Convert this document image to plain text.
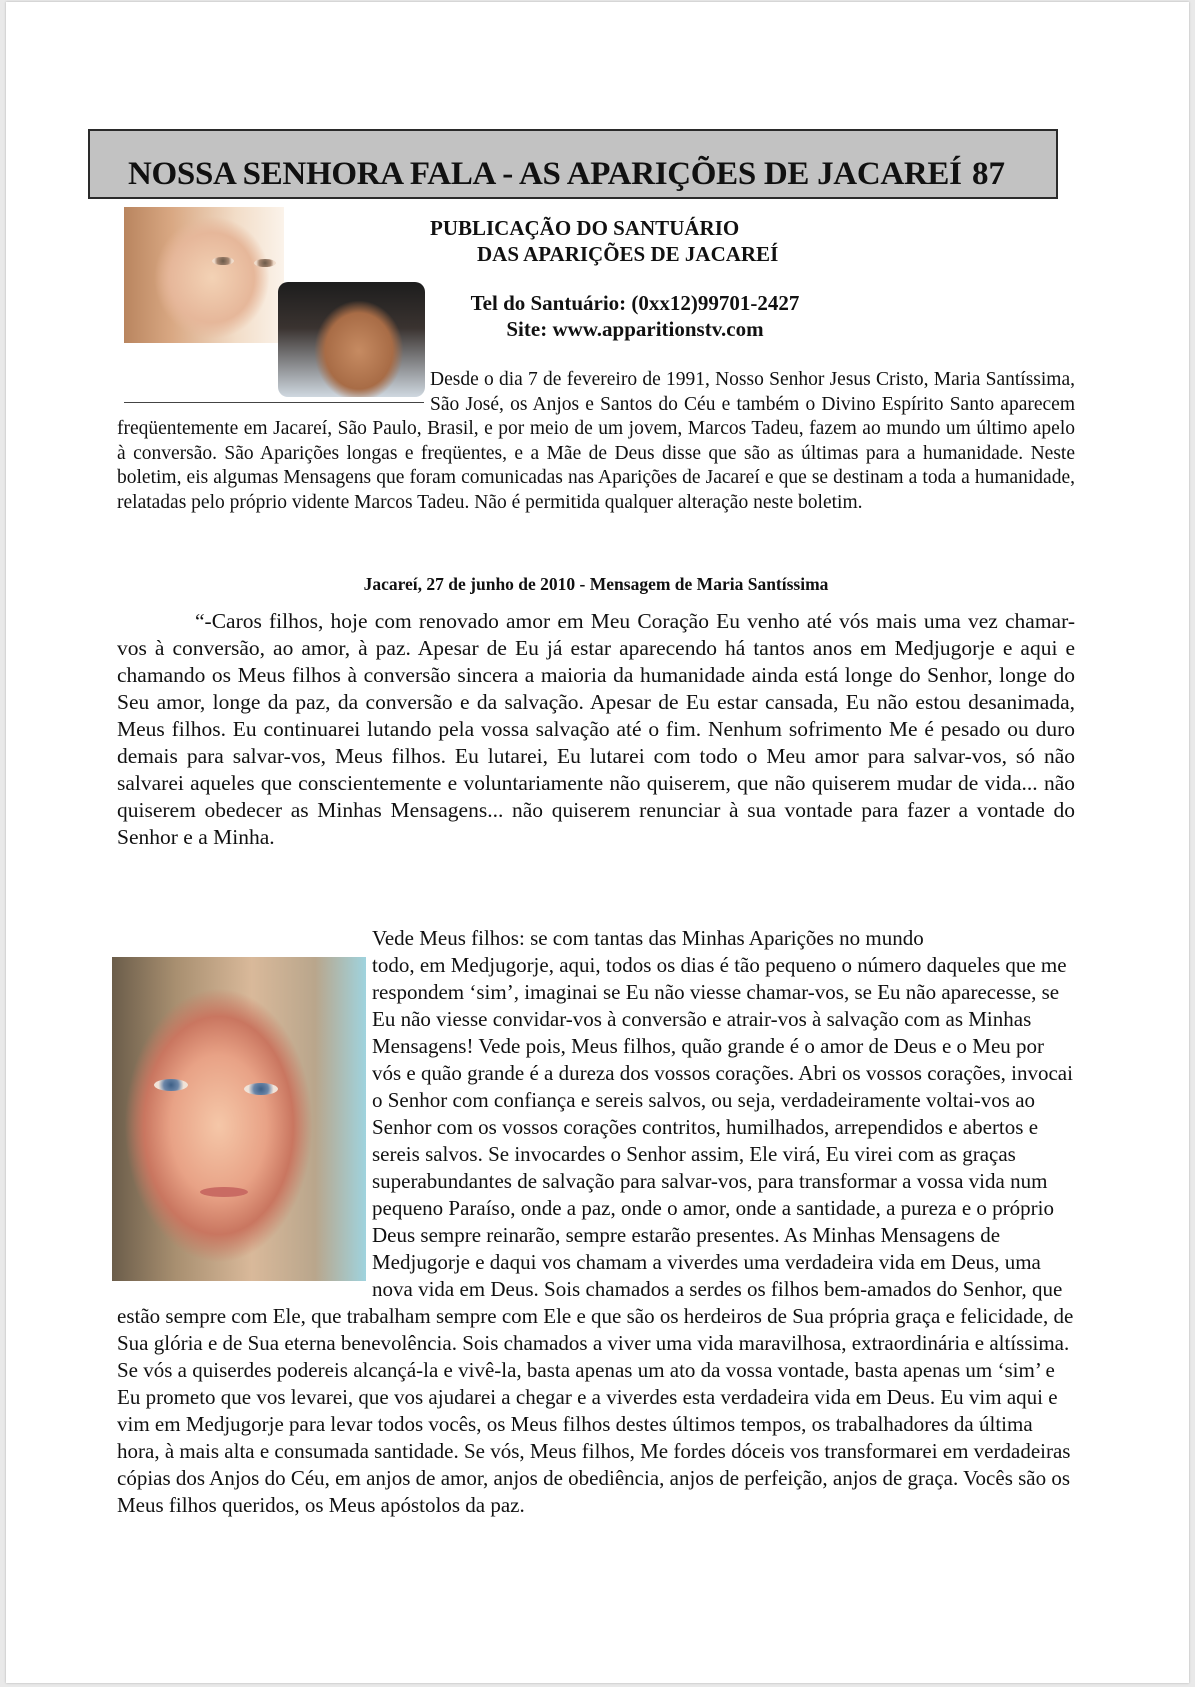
NOSSA SENHORA FALA - AS APARIÇÕES DE JACAREÍ 87
PUBLICAÇÃO DO SANTUÁRIO
DAS APARIÇÕES DE JACAREÍ
Tel do Santuário: (0xx12)99701-2427
Site: www.apparitionstv.com

Desde o dia 7 de fevereiro de 1991, Nosso Senhor Jesus Cristo, Maria Santíssima, São José, os Anjos e Santos do Céu e também o Divino Espírito Santo aparecem freqüentemente em Jacareí, São Paulo, Brasil, e por meio de um jovem, Marcos Tadeu, fazem ao mundo um último apelo à conversão. São Aparições longas e freqüentes, e a Mãe de Deus disse que são as últimas para a humanidade. Neste boletim, eis algumas Mensagens que foram comunicadas nas Aparições de Jacareí e que se destinam a toda a humanidade, relatadas pelo próprio vidente Marcos Tadeu. Não é permitida qualquer alteração neste boletim.

Jacareí, 27 de junho de 2010 - Mensagem de Maria Santíssima

“-Caros filhos, hoje com renovado amor em Meu Coração Eu venho até vós mais uma vez chamar-vos à conversão, ao amor, à paz. Apesar de Eu já estar aparecendo há tantos anos em Medjugorje e aqui e chamando os Meus filhos à conversão sincera a maioria da humanidade ainda está longe do Senhor, longe do Seu amor, longe da paz, da conversão e da salvação. Apesar de Eu estar cansada, Eu não estou desanimada, Meus filhos. Eu continuarei lutando pela vossa salvação até o fim. Nenhum sofrimento Me é pesado ou duro demais para salvar-vos, Meus filhos. Eu lutarei, Eu lutarei com todo o Meu amor para salvar-vos, só não salvarei aqueles que conscientemente e voluntariamente não quiserem, que não quiserem mudar de vida... não quiserem obedecer as Minhas Mensagens... não quiserem renunciar à sua vontade para fazer a vontade do Senhor e a Minha.

Vede Meus filhos: se com tantas das Minhas Aparições no mundo
todo, em Medjugorje, aqui, todos os dias é tão pequeno o número daqueles que me respondem ‘sim’, imaginai se Eu não viesse chamar-vos, se Eu não aparecesse, se Eu não viesse convidar-vos à conversão e atrair-vos à salvação com as Minhas Mensagens! Vede pois, Meus filhos, quão grande é o amor de Deus e o Meu por vós e quão grande é a dureza dos vossos corações. Abri os vossos corações, invocai o Senhor com confiança e sereis salvos, ou seja, verdadeiramente voltai-vos ao Senhor com os vossos corações contritos, humilhados, arrependidos e abertos e sereis salvos. Se invocardes o Senhor assim, Ele virá, Eu virei com as graças superabundantes de salvação para salvar-vos, para transformar a vossa vida num pequeno Paraíso, onde a paz, onde o amor, onde a santidade, a pureza e o próprio Deus sempre reinarão, sempre estarão presentes. As Minhas Mensagens de Medjugorje e daqui vos chamam a viverdes uma verdadeira vida em Deus, uma nova vida em Deus. Sois chamados a serdes os filhos bem-amados do Senhor, que estão sempre com Ele, que trabalham sempre com Ele e que são os herdeiros de Sua própria graça e felicidade, de Sua glória e de Sua eterna benevolência. Sois chamados a viver uma vida maravilhosa, extraordinária e altíssima. Se vós a quiserdes podereis alcançá-la e vivê-la, basta apenas um ato da vossa vontade, basta apenas um ‘sim’ e Eu prometo que vos levarei, que vos ajudarei a chegar e a viverdes esta verdadeira vida em Deus. Eu vim aqui e vim em Medjugorje para levar todos vocês, os Meus filhos destes últimos tempos, os trabalhadores da última hora, à mais alta e consumada santidade. Se vós, Meus filhos, Me fordes dóceis vos transformarei em verdadeiras cópias dos Anjos do Céu, em anjos de amor, anjos de obediência, anjos de perfeição, anjos de graça. Vocês são os Meus filhos queridos, os Meus apóstolos da paz.
